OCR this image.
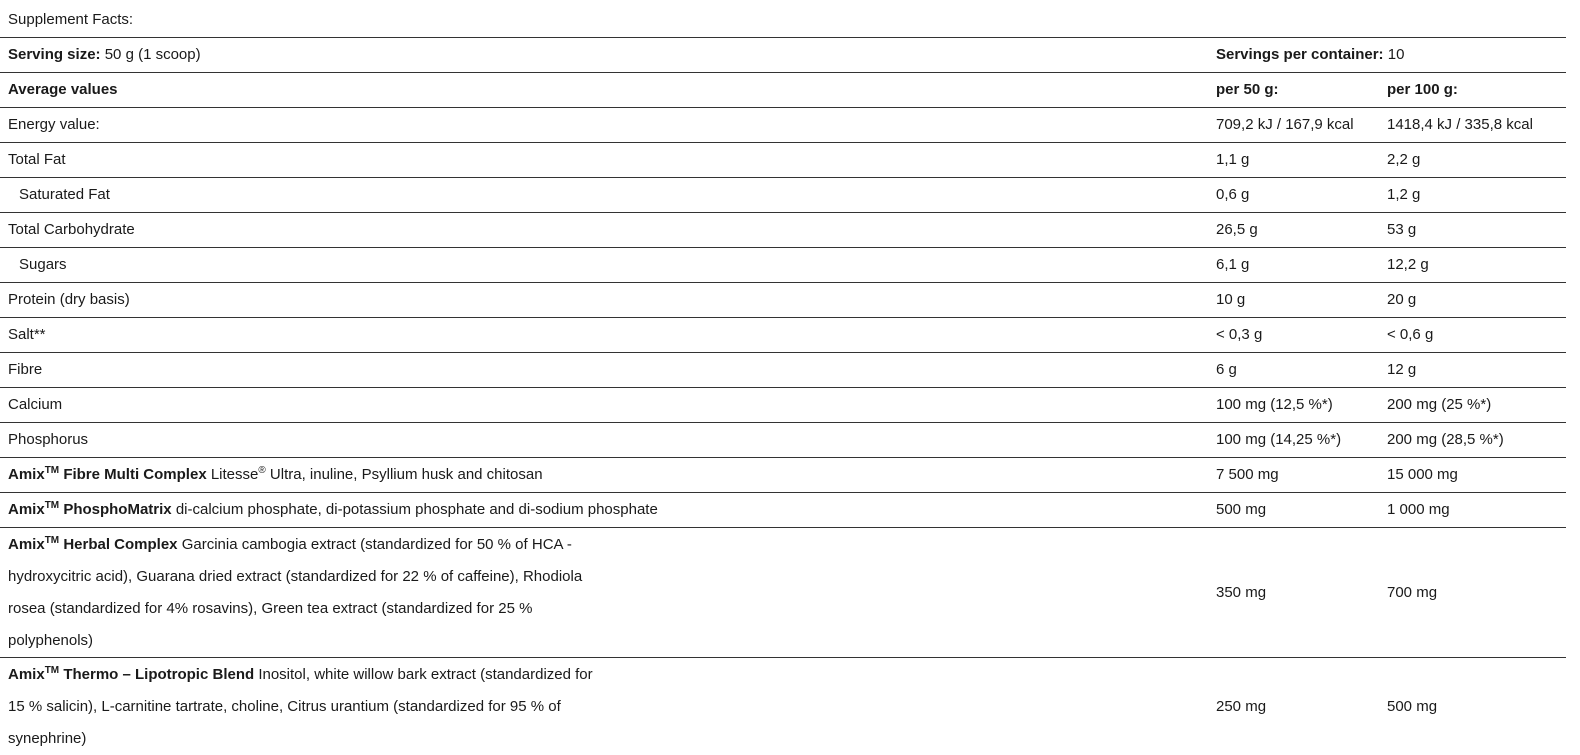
Supplement Facts:
Serving size: 50 g (1 scoop)	Servings per container: 10	
Average values	per 50 g:	per 100 g:
Energy value:	709,2 kJ / 167,9 kcal	1418,4 kJ / 335,8 kcal
Total Fat	1,1 g	2,2 g
Saturated Fat	0,6 g	1,2 g
Total Carbohydrate	26,5 g	53 g
Sugars	6,1 g	12,2 g
Protein (dry basis)	10 g	20 g
Salt**	< 0,3 g	< 0,6 g
Fibre	6 g	12 g
Calcium	100 mg (12,5 %*)	200 mg (25 %*)
Phosphorus	100 mg (14,25 %*)	200 mg (28,5 %*)
Amix™ Fibre Multi Complex Litesse® Ultra, inuline, Psyllium husk and chitosan	7 500 mg	15 000 mg
Amix™ PhosphoMatrix di-calcium phosphate, di-potassium phosphate and di-sodium phosphate	500 mg	1 000 mg
Amix™ Herbal Complex Garcinia cambogia extract (standardized for 50 % of HCA - hydroxycitric acid), Guarana dried extract (standardized for 22 % of caffeine), Rhodiola rosea (standardized for 4% rosavins), Green tea extract (standardized for 25 % polyphenols)	350 mg	700 mg
Amix™ Thermo – Lipotropic Blend Inositol, white willow bark extract (standardized for 15 % salicin), L-carnitine tartrate, choline, Citrus urantium (standardized for 95 % of synephrine)	250 mg	500 mg
